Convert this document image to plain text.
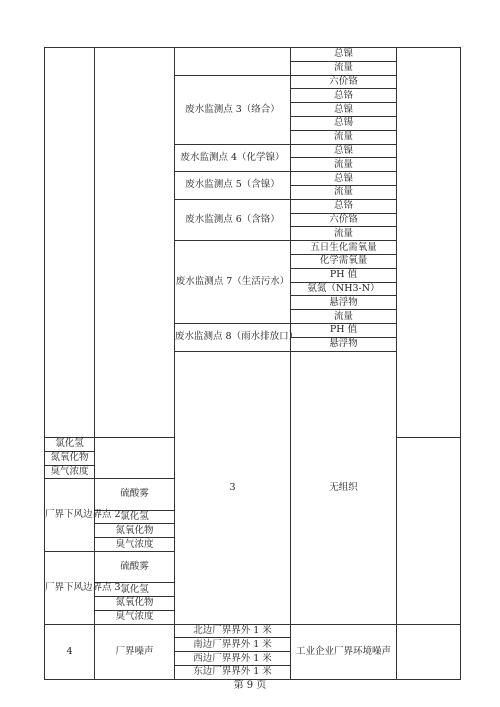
			总镍		
			流量		
		废水监测点 3（络合）	六价铬		
			总铬		
			总镍		
			总锡		
			流量		
		废水监测点 4（化学镍）	总镍		
			流量		
		废水监测点 5（含镍）	总镍		
			流量		
		废水监测点 6（含铬）	总铬		
			六价铬		
			流量		
		废水监测点 7（生活污水）	五日生化需氧量		
			化学需氧量		
			PH 值		
			氨氮（NH3-N）		
			悬浮物		
			流量		
		废水监测点 8（雨水排放口）	PH 值		
			悬浮物		
		3	无组织			

氯化氢					
氮氧化物					
臭气浓度					
厂界下风边界点 2	硫酸雾				
	氯化氢				
	氮氧化物				
	臭气浓度				
厂界下风边界点 3	硫酸雾				
	氯化氢				
	氮氧化物				
	臭气浓度				
4	厂界噪声	北边厂界界外 1 米	工业企业厂界环境噪声		
		南边厂界界外 1 米			
		西边厂界界外 1 米			
		东边厂界界外 1 米			
第 9 页
